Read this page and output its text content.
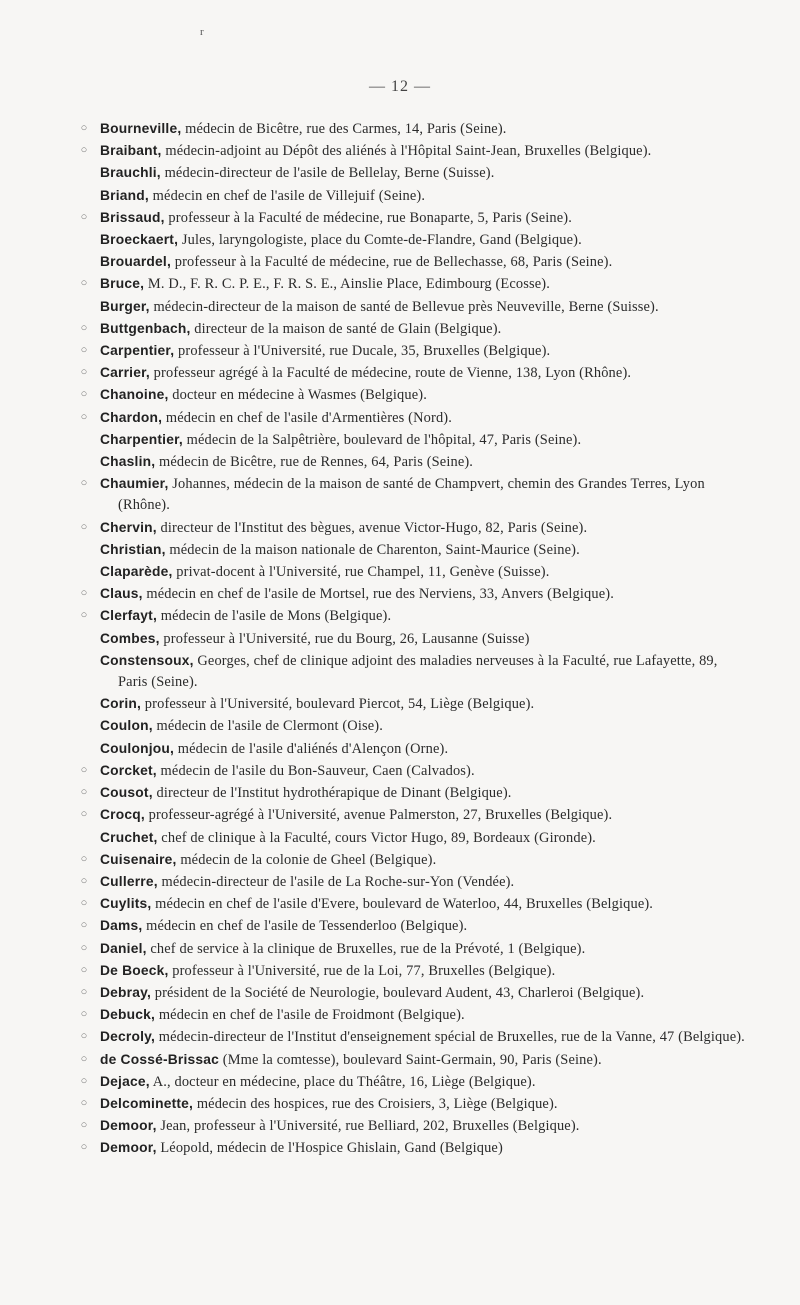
r
— 12 —
○ Bourneville, médecin de Bicêtre, rue des Carmes, 14, Paris (Seine).
○ Braibant, médecin-adjoint au Dépôt des aliénés à l'Hôpital Saint-Jean, Bruxelles (Belgique).
Brauchli, médecin-directeur de l'asile de Bellelay, Berne (Suisse).
Briand, médecin en chef de l'asile de Villejuif (Seine).
○ Brissaud, professeur à la Faculté de médecine, rue Bonaparte, 5, Paris (Seine).
Broeckaert, Jules, laryngologiste, place du Comte-de-Flandre, Gand (Belgique).
Brouardel, professeur à la Faculté de médecine, rue de Bellechasse, 68, Paris (Seine).
○ Bruce, M. D., F. R. C. P. E., F. R. S. E., Ainslie Place, Edimbourg (Ecosse).
Burger, médecin-directeur de la maison de santé de Bellevue près Neuveville, Berne (Suisse).
○ Buttgenbach, directeur de la maison de santé de Glain (Belgique).
○ Carpentier, professeur à l'Université, rue Ducale, 35, Bruxelles (Belgique).
○ Carrier, professeur agrégé à la Faculté de médecine, route de Vienne, 138, Lyon (Rhône).
○ Chanoine, docteur en médecine à Wasmes (Belgique).
○ Chardon, médecin en chef de l'asile d'Armentières (Nord).
Charpentier, médecin de la Salpêtrière, boulevard de l'hôpital, 47, Paris (Seine).
Chaslin, médecin de Bicêtre, rue de Rennes, 64, Paris (Seine).
○ Chaumier, Johannes, médecin de la maison de santé de Champvert, chemin des Grandes Terres, Lyon (Rhône).
○ Chervin, directeur de l'Institut des bègues, avenue Victor-Hugo, 82, Paris (Seine).
Christian, médecin de la maison nationale de Charenton, Saint-Maurice (Seine).
Claparède, privat-docent à l'Université, rue Champel, 11, Genève (Suisse).
○ Claus, médecin en chef de l'asile de Mortsel, rue des Nerviens, 33, Anvers (Belgique).
○ Clerfayt, médecin de l'asile de Mons (Belgique).
Combes, professeur à l'Université, rue du Bourg, 26, Lausanne (Suisse)
Constensoux, Georges, chef de clinique adjoint des maladies nerveuses à la Faculté, rue Lafayette, 89, Paris (Seine).
Corin, professeur à l'Université, boulevard Piercot, 54, Liège (Belgique).
Coulon, médecin de l'asile de Clermont (Oise).
Coulonjou, médecin de l'asile d'aliénés d'Alençon (Orne).
○ Corcket, médecin de l'asile du Bon-Sauveur, Caen (Calvados).
○ Cousot, directeur de l'Institut hydrothérapique de Dinant (Belgique).
○ Crocq, professeur-agrégé à l'Université, avenue Palmerston, 27, Bruxelles (Belgique).
Cruchet, chef de clinique à la Faculté, cours Victor Hugo, 89, Bordeaux (Gironde).
○ Cuisenaire, médecin de la colonie de Gheel (Belgique).
○ Cullerre, médecin-directeur de l'asile de La Roche-sur-Yon (Vendée).
○ Cuylits, médecin en chef de l'asile d'Evere, boulevard de Waterloo, 44, Bruxelles (Belgique).
○ Dams, médecin en chef de l'asile de Tessenderloo (Belgique).
○ Daniel, chef de service à la clinique de Bruxelles, rue de la Prévoté, 1 (Belgique).
○ De Boeck, professeur à l'Université, rue de la Loi, 77, Bruxelles (Belgique).
○ Debray, président de la Société de Neurologie, boulevard Audent, 43, Charleroi (Belgique).
○ Debuck, médecin en chef de l'asile de Froidmont (Belgique).
○ Decroly, médecin-directeur de l'Institut d'enseignement spécial de Bruxelles, rue de la Vanne, 47 (Belgique).
○ de Cossé-Brissac (Mme la comtesse), boulevard Saint-Germain, 90, Paris (Seine).
○ Dejace, A., docteur en médecine, place du Théâtre, 16, Liège (Belgique).
○ Delcominette, médecin des hospices, rue des Croisiers, 3, Liège (Belgique).
○ Demoor, Jean, professeur à l'Université, rue Belliard, 202, Bruxelles (Belgique).
○ Demoor, Léopold, médecin de l'Hospice Ghislain, Gand (Belgique)
